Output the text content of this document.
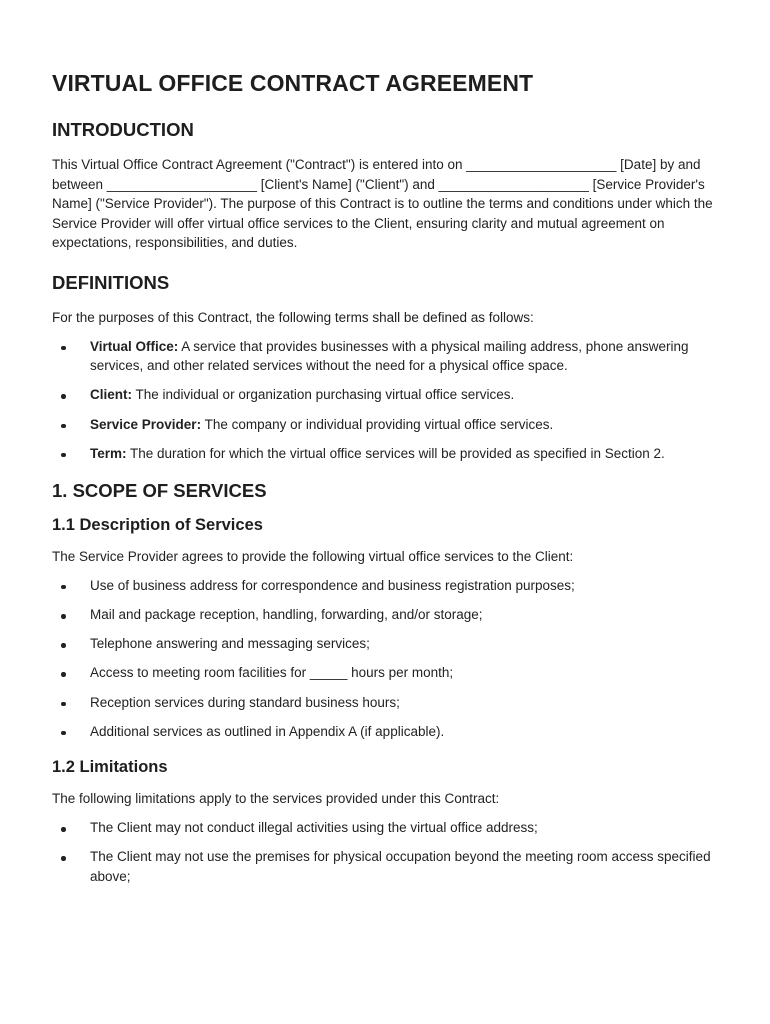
VIRTUAL OFFICE CONTRACT AGREEMENT
INTRODUCTION

This Virtual Office Contract Agreement ("Contract") is entered into on ____________________ [Date] by and between ____________________ [Client's Name] ("Client") and ____________________ [Service Provider's Name] ("Service Provider"). The purpose of this Contract is to outline the terms and conditions under which the Service Provider will offer virtual office services to the Client, ensuring clarity and mutual agreement on expectations, responsibilities, and duties.

DEFINITIONS

For the purposes of this Contract, the following terms shall be defined as follows:

Virtual Office: A service that provides businesses with a physical mailing address, phone answering services, and other related services without the need for a physical office space.
Client: The individual or organization purchasing virtual office services.
Service Provider: The company or individual providing virtual office services.
Term: The duration for which the virtual office services will be provided as specified in Section 2.
1. SCOPE OF SERVICES
1.1 Description of Services

The Service Provider agrees to provide the following virtual office services to the Client:

Use of business address for correspondence and business registration purposes;
Mail and package reception, handling, forwarding, and/or storage;
Telephone answering and messaging services;
Access to meeting room facilities for _____ hours per month;
Reception services during standard business hours;
Additional services as outlined in Appendix A (if applicable).
1.2 Limitations

The following limitations apply to the services provided under this Contract:

The Client may not conduct illegal activities using the virtual office address;
The Client may not use the premises for physical occupation beyond the meeting room access specified above;
